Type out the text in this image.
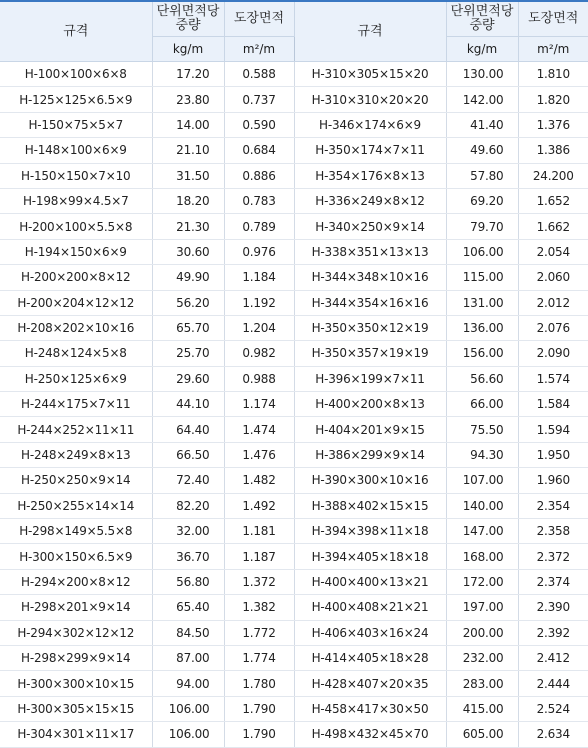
규격	단위면적당 중량	도장면적	규격	단위면적당 중량	도장면적
	kg/m	m²/m		kg/m	m²/m
H-100×100×6×8	17.20	0.588	H-310×305×15×20	130.00	1.810
H-125×125×6.5×9	23.80	0.737	H-310×310×20×20	142.00	1.820
H-150×75×5×7	14.00	0.590	H-346×174×6×9	41.40	1.376
H-148×100×6×9	21.10	0.684	H-350×174×7×11	49.60	1.386
H-150×150×7×10	31.50	0.886	H-354×176×8×13	57.80	24.200
H-198×99×4.5×7	18.20	0.783	H-336×249×8×12	69.20	1.652
H-200×100×5.5×8	21.30	0.789	H-340×250×9×14	79.70	1.662
H-194×150×6×9	30.60	0.976	H-338×351×13×13	106.00	2.054
H-200×200×8×12	49.90	1.184	H-344×348×10×16	115.00	2.060
H-200×204×12×12	56.20	1.192	H-344×354×16×16	131.00	2.012
H-208×202×10×16	65.70	1.204	H-350×350×12×19	136.00	2.076
H-248×124×5×8	25.70	0.982	H-350×357×19×19	156.00	2.090
H-250×125×6×9	29.60	0.988	H-396×199×7×11	56.60	1.574
H-244×175×7×11	44.10	1.174	H-400×200×8×13	66.00	1.584
H-244×252×11×11	64.40	1.474	H-404×201×9×15	75.50	1.594
H-248×249×8×13	66.50	1.476	H-386×299×9×14	94.30	1.950
H-250×250×9×14	72.40	1.482	H-390×300×10×16	107.00	1.960
H-250×255×14×14	82.20	1.492	H-388×402×15×15	140.00	2.354
H-298×149×5.5×8	32.00	1.181	H-394×398×11×18	147.00	2.358
H-300×150×6.5×9	36.70	1.187	H-394×405×18×18	168.00	2.372
H-294×200×8×12	56.80	1.372	H-400×400×13×21	172.00	2.374
H-298×201×9×14	65.40	1.382	H-400×408×21×21	197.00	2.390
H-294×302×12×12	84.50	1.772	H-406×403×16×24	200.00	2.392
H-298×299×9×14	87.00	1.774	H-414×405×18×28	232.00	2.412
H-300×300×10×15	94.00	1.780	H-428×407×20×35	283.00	2.444
H-300×305×15×15	106.00	1.790	H-458×417×30×50	415.00	2.524
H-304×301×11×17	106.00	1.790	H-498×432×45×70	605.00	2.634
